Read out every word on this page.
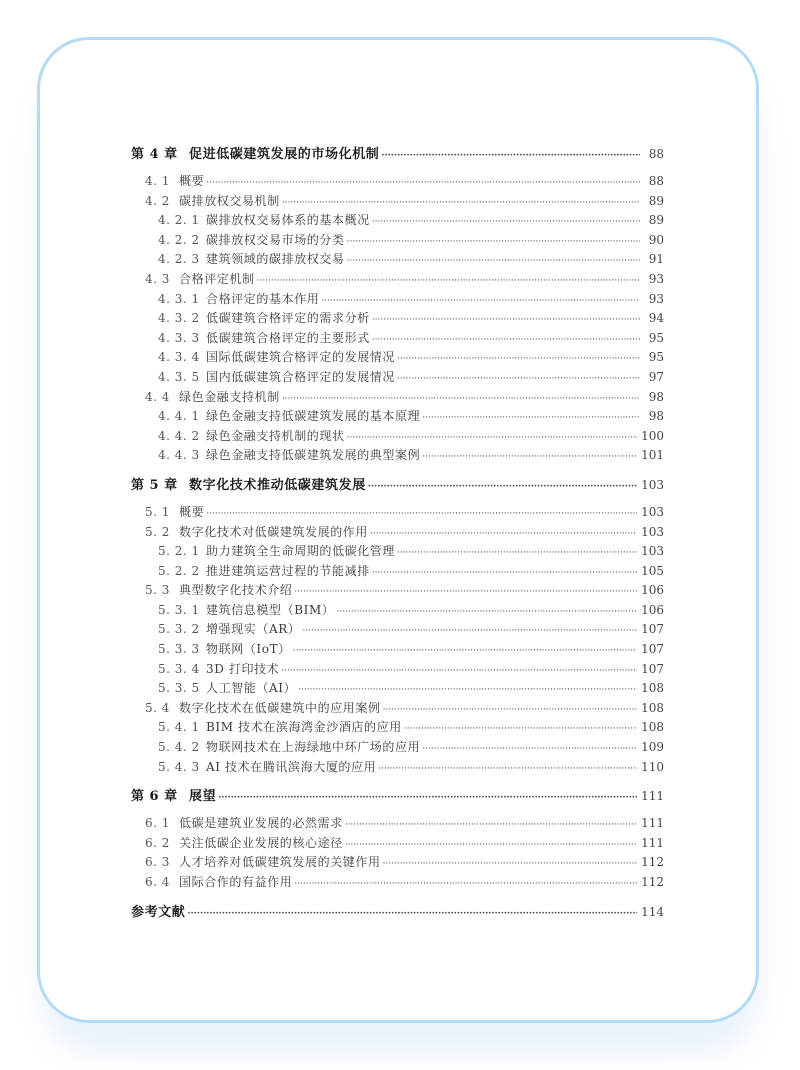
第 4 章 促进低碳建筑发展的市场化机制 ·····	88
4. 1 概要 ·····	88
4. 2 碳排放权交易机制 ·····	89
4. 2. 1 碳排放权交易体系的基本概况 ·····	89
4. 2. 2 碳排放权交易市场的分类 ·····	90
4. 2. 3 建筑领域的碳排放权交易 ·····	91
4. 3 合格评定机制 ·····	93
4. 3. 1 合格评定的基本作用 ·····	93
4. 3. 2 低碳建筑合格评定的需求分析 ·····	94
4. 3. 3 低碳建筑合格评定的主要形式 ·····	95
4. 3. 4 国际低碳建筑合格评定的发展情况 ·····	95
4. 3. 5 国内低碳建筑合格评定的发展情况 ·····	97
4. 4 绿色金融支持机制 ·····	98
4. 4. 1 绿色金融支持低碳建筑发展的基本原理 ·····	98
4. 4. 2 绿色金融支持机制的现状 ·····	100
4. 4. 3 绿色金融支持低碳建筑发展的典型案例 ·····	101
第 5 章 数字化技术推动低碳建筑发展 ·····	103
5. 1 概要 ·····	103
5. 2 数字化技术对低碳建筑发展的作用 ·····	103
5. 2. 1 助力建筑全生命周期的低碳化管理 ·····	103
5. 2. 2 推进建筑运营过程的节能减排 ·····	105
5. 3 典型数字化技术介绍 ·····	106
5. 3. 1 建筑信息模型（BIM） ·····	106
5. 3. 2 增强现实（AR） ·····	107
5. 3. 3 物联网（IoT） ·····	107
5. 3. 4 3D 打印技术 ·····	107
5. 3. 5 人工智能（AI） ·····	108
5. 4 数字化技术在低碳建筑中的应用案例 ·····	108
5. 4. 1 BIM 技术在滨海湾金沙酒店的应用 ·····	108
5. 4. 2 物联网技术在上海绿地中环广场的应用 ·····	109
5. 4. 3 AI 技术在腾讯滨海大厦的应用 ·····	110
第 6 章 展望 ·····	111
6. 1 低碳是建筑业发展的必然需求 ·····	111
6. 2 关注低碳企业发展的核心途径 ·····	111
6. 3 人才培养对低碳建筑发展的关键作用 ·····	112
6. 4 国际合作的有益作用 ·····	112
参考文献 ·····	114
